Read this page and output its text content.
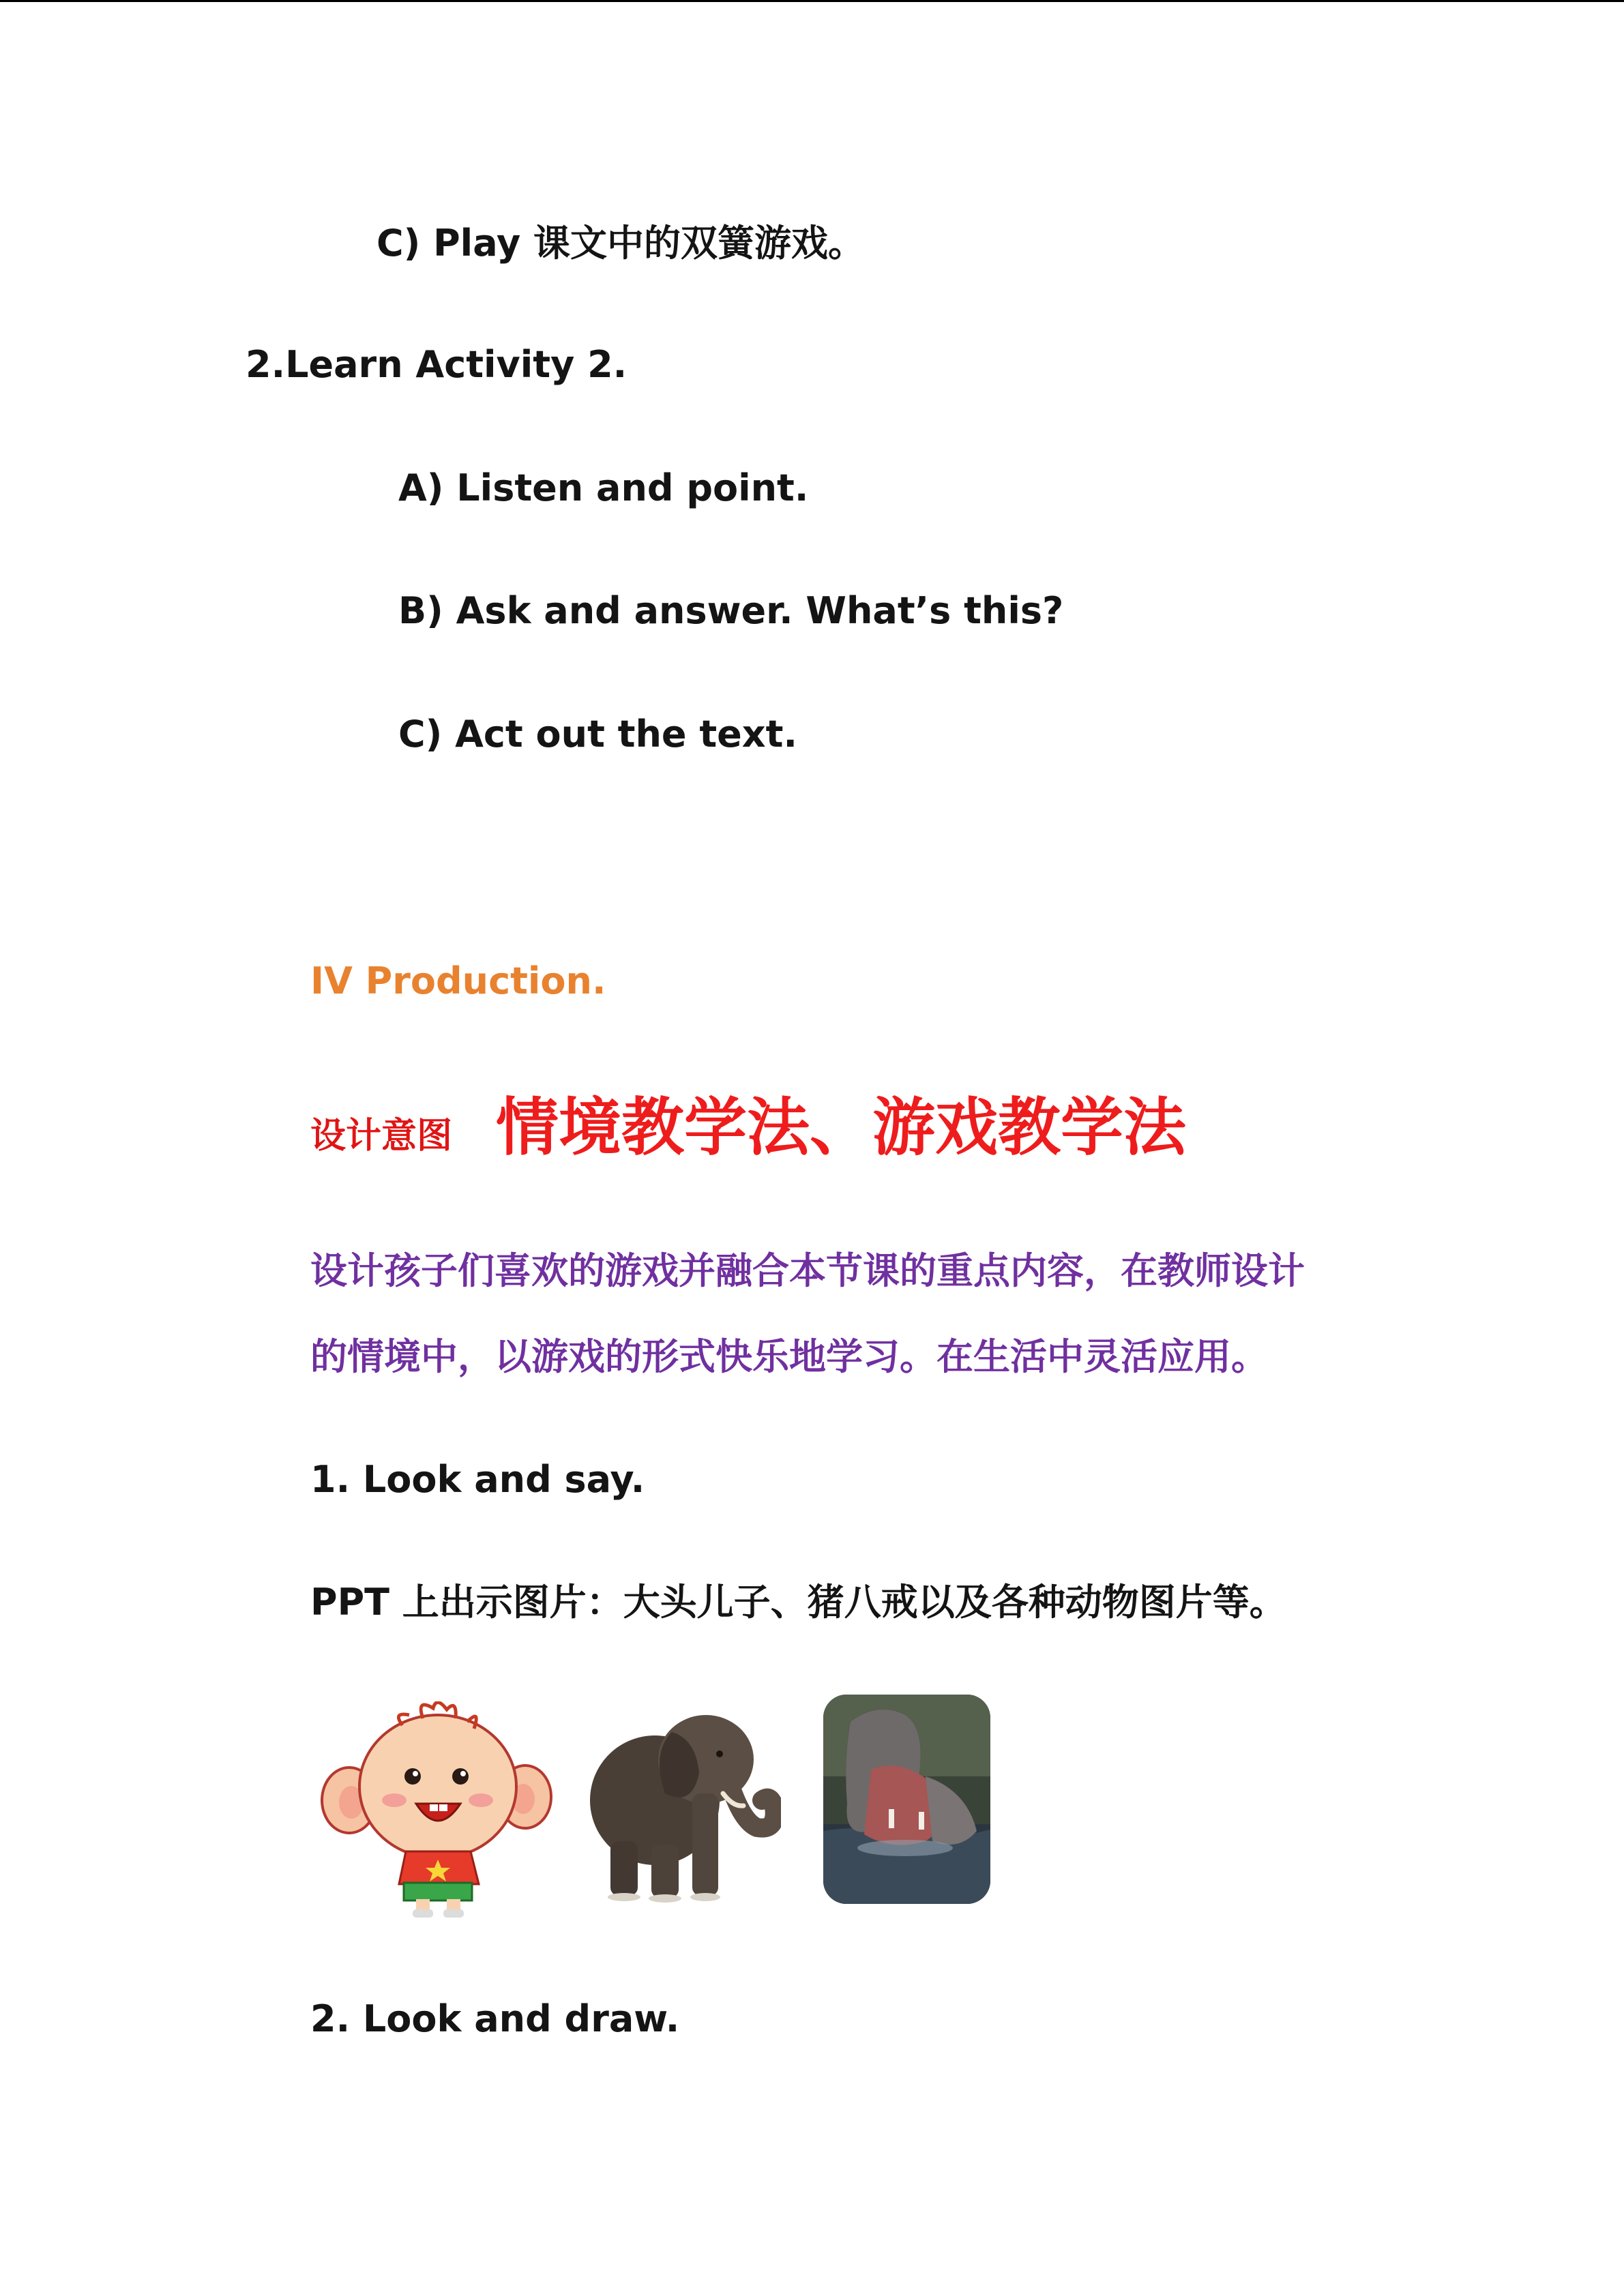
C) Play 课文中的双簧游戏。
2.Learn Activity 2.
A) Listen and point.
B) Ask and answer. What’s this?
C) Act out the text.
IV Production.
设计意图 情境教学法、游戏教学法
设计孩子们喜欢的游戏并融合本节课的重点内容，在教师设计
的情境中，以游戏的形式快乐地学习。在生活中灵活应用。
1. Look and say.
PPT 上出示图片：大头儿子、猪八戒以及各种动物图片等。
2. Look and draw.
